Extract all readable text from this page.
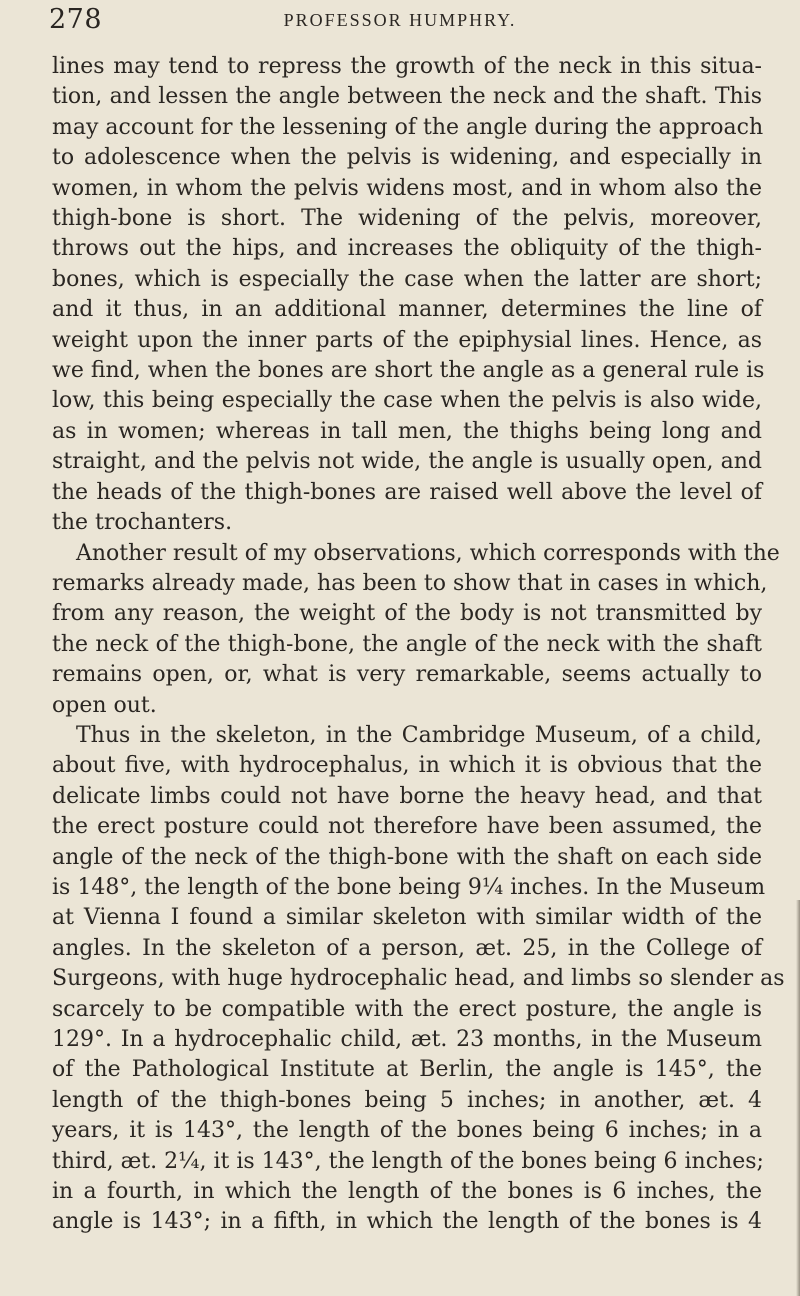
278	PROFESSOR HUMPHRY.
lines may tend to repress the growth of the neck in this situa-
tion, and lessen the angle between the neck and the shaft. This
may account for the lessening of the angle during the approach
to adolescence when the pelvis is widening, and especially in
women, in whom the pelvis widens most, and in whom also the
thigh-bone is short. The widening of the pelvis, moreover,
throws out the hips, and increases the obliquity of the thigh-
bones, which is especially the case when the latter are short;
and it thus, in an additional manner, determines the line of
weight upon the inner parts of the epiphysial lines. Hence, as
we find, when the bones are short the angle as a general rule is
low, this being especially the case when the pelvis is also wide,
as in women; whereas in tall men, the thighs being long and
straight, and the pelvis not wide, the angle is usually open, and
the heads of the thigh-bones are raised well above the level of
the trochanters.
Another result of my observations, which corresponds with the
remarks already made, has been to show that in cases in which,
from any reason, the weight of the body is not transmitted by
the neck of the thigh-bone, the angle of the neck with the shaft
remains open, or, what is very remarkable, seems actually to
open out.
Thus in the skeleton, in the Cambridge Museum, of a child,
about five, with hydrocephalus, in which it is obvious that the
delicate limbs could not have borne the heavy head, and that
the erect posture could not therefore have been assumed, the
angle of the neck of the thigh-bone with the shaft on each side
is 148°, the length of the bone being 9¼ inches. In the Museum
at Vienna I found a similar skeleton with similar width of the
angles. In the skeleton of a person, æt. 25, in the College of
Surgeons, with huge hydrocephalic head, and limbs so slender as
scarcely to be compatible with the erect posture, the angle is
129°. In a hydrocephalic child, æt. 23 months, in the Museum
of the Pathological Institute at Berlin, the angle is 145°, the
length of the thigh-bones being 5 inches; in another, æt. 4
years, it is 143°, the length of the bones being 6 inches; in a
third, æt. 2¼, it is 143°, the length of the bones being 6 inches;
in a fourth, in which the length of the bones is 6 inches, the
angle is 143°; in a fifth, in which the length of the bones is 4
